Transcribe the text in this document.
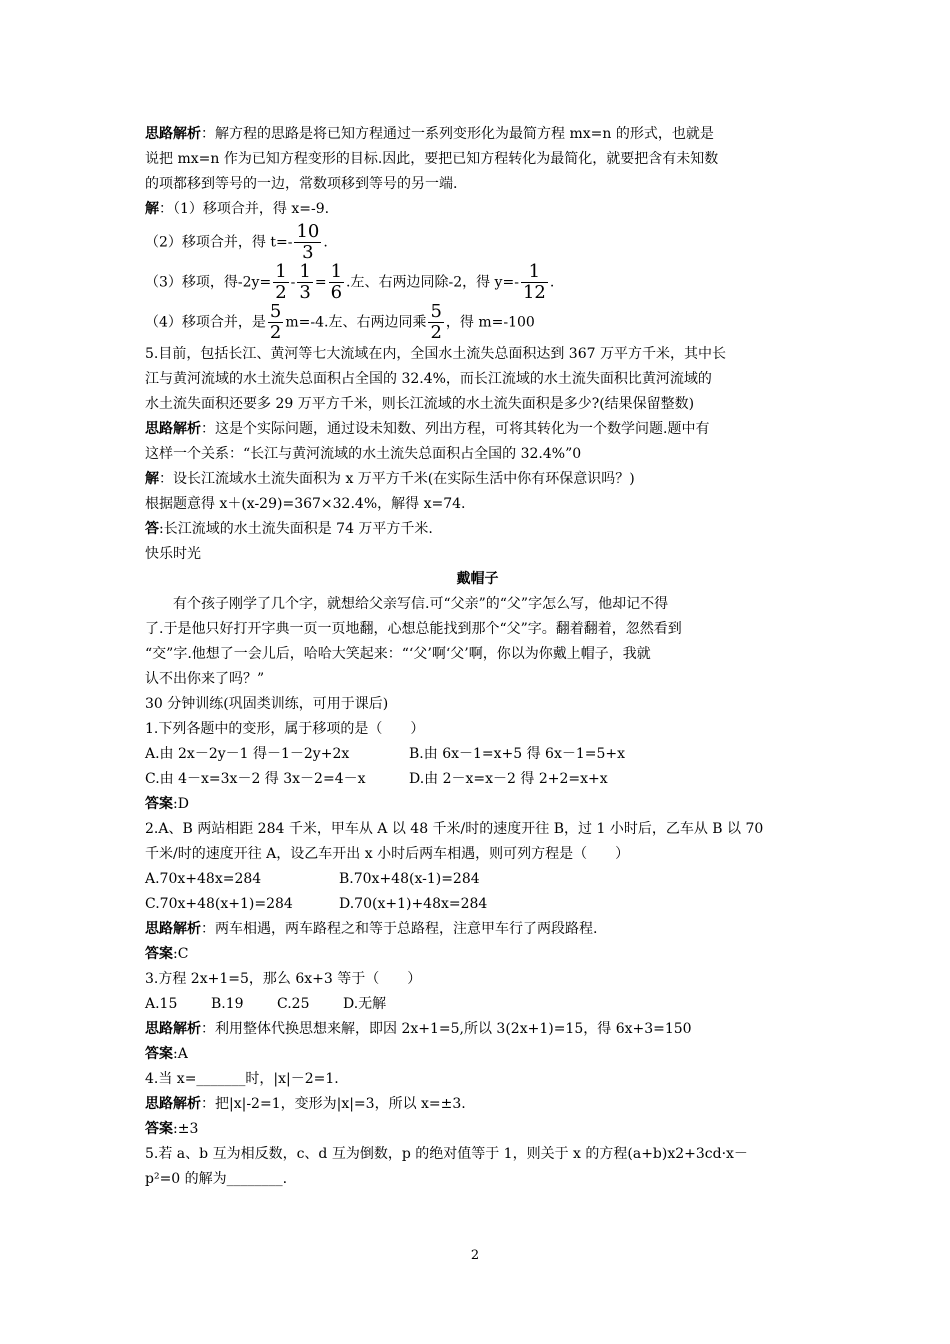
思路解析：解方程的思路是将已知方程通过一系列变形化为最简方程 mx=n 的形式，也就是
说把 mx=n 作为已知方程变形的目标.因此，要把已知方程转化为最简化，就要把含有未知数
的项都移到等号的一边，常数项移到等号的另一端.
解：（1）移项合并，得 x=-9.
（2）移项合并，得 $t=- \frac{10}{3}$ .
（3）移项，得$-2y= \frac{1}{2} - \frac{1}{3} = \frac{1}{6}$ .左、右两边同除-2，得 $y=- \frac{1}{12}$ .
（4）移项合并，是 $\frac{5}{2} m=-4$.左、右两边同乘 $\frac{5}{2}$ ，得 m=-100
5.目前，包括长江、黄河等七大流域在内，全国水土流失总面积达到 367 万平方千米，其中长
江与黄河流域的水土流失总面积占全国的 32.4%，而长江流域的水土流失面积比黄河流域的
水土流失面积还要多 29 万平方千米，则长江流域的水土流失面积是多少?(结果保留整数)
思路解析：这是个实际问题，通过设未知数、列出方程，可将其转化为一个数学问题.题中有
这样一个关系：“长江与黄河流域的水土流失总面积占全国的 32.4%”0
解：设长江流域水土流失面积为 x 万平方千米(在实际生活中你有环保意识吗？)
根据题意得 x＋(x-29)=367×32.4%，解得 x=74.
答:长江流域的水土流失面积是 74 万平方千米.
快乐时光
戴帽子
有个孩子刚学了几个字，就想给父亲写信.可“父亲”的“父”字怎么写，他却记不得
了.于是他只好打开字典一页一页地翻，心想总能找到那个“父”字。翻着翻着，忽然看到
“交”字.他想了一会儿后，哈哈大笑起来：“‘父’啊‘父’啊，你以为你戴上帽子，我就
认不出你来了吗？”
30 分钟训练(巩固类训练，可用于课后)
1.下列各题中的变形，属于移项的是（　　）
A.由 2x－2y－1 得－1－2y+2x	B.由 6x－1=x+5 得 6x－1=5+x
C.由 4－x=3x－2 得 3x－2=4－x	D.由 2－x=x－2 得 2+2=x+x
答案:D
2.A、B 两站相距 284 千米，甲车从 A 以 48 千米/时的速度开往 B，过 1 小时后，乙车从 B 以 70
千米/时的速度开往 A，设乙车开出 x 小时后两车相遇，则可列方程是（　　）
A.70x+48x=284	B.70x+48(x-1)=284
C.70x+48(x+1)=284	D.70(x+1)+48x=284
思路解析：两车相遇，两车路程之和等于总路程，注意甲车行了两段路程.
答案:C
3.方程 2x+1=5，那么 6x+3 等于（　　）
A.15 B.19 C.25 D.无解
思路解析：利用整体代换思想来解，即因 2x+1=5,所以 3(2x+1)=15，得 6x+3=150
答案:A
4.当 x=_______时，|x|－2=1.
思路解析：把|x|-2=1，变形为|x|=3，所以 x=±3.
答案:±3
5.若 a、b 互为相反数，c、d 互为倒数，p 的绝对值等于 1，则关于 x 的方程(a+b)x2+3cd·x－
p²=0 的解为________.
2
